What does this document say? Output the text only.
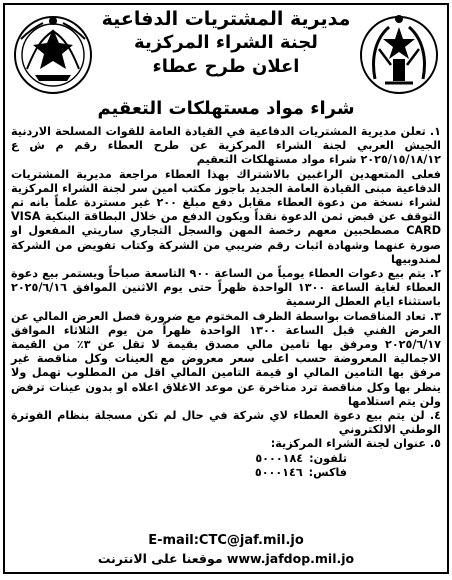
مديرية المشتريات الدفاعية
لجنة الشراء المركزية
اعلان طرح عطاء
شراء مواد مستهلكات التعقيم

١. تعلن مديرية المشتريات الدفاعية في القيادة العامة للقوات المسلحة الاردنية الجيش العربي لجنة الشراء المركزية عن طرح العطاء رقم م ش ع ٢٠٢٥/١٥/١٨/١٢ شراء مواد مستهلكات التعقيم

فعلى المتعهدين الراغبين بالاشتراك بهذا العطاء مراجعة مديرية المشتريات الدفاعية مبنى القيادة العامة الجديد باجوز مكتب امين سر لجنة الشراء المركزية لشراء نسخة من دعوة العطاء مقابل دفع مبلغ ٢٠٠ غير مستردة علماً بانه تم التوقف عن قبض ثمن الدعوة نقداً ويكون الدفع من خلال البطاقة البنكية VISA CARD مصطحبين معهم رخصة المهن والسجل التجاري ساريتي المفعول او صورة عنهما وشهادة اثبات رقم ضريبي من الشركة وكتاب تفويض من الشركة لمندوبيها

٢. يتم بيع دعوات العطاء يومياً من الساعة ٩٠٠ التاسعة صباحاً ويستمر بيع دعوة العطاء لغاية الساعة ١٣٠٠ الواحدة ظهراً حتى يوم الاثنين الموافق ٢٠٢٥/٦/١٦ باستثناء ايام العطل الرسمية

٣. تعاد المناقصات بواسطة الظرف المختوم مع ضرورة فصل العرض المالي عن العرض الفني قبل الساعة ١٣٠٠ الواحدة ظهراً من يوم الثلاثاء الموافق ٢٠٢٥/٦/١٧ ومرفق بها تامين مالي مصدق بقيمة لا تقل عن ٣٪ من القيمة الاجمالية المعروضة حسب اعلى سعر معروض مع العينات وكل مناقصة غير مرفق بها التامين المالي او قيمة التامين المالي اقل من المطلوب تهمل ولا ينظر بها وكل مناقصة ترد متاخرة عن موعد الاغلاق اعلاه او بدون عينات ترفض ولن يتم استلامها

٤. لن يتم بيع دعوة العطاء لاي شركة في حال لم تكن مسجلة بنظام الفوترة الوطني الالكتروني

٥. عنوان لجنة الشراء المركزية:

تلفون:
٥٠٠٠١٨٤
فاكس:
٥٠٠٠١٤٦
E-mail:CTC@jaf.mil.jo
www.jafdop.mil.jo موقعنا على الانترنت
